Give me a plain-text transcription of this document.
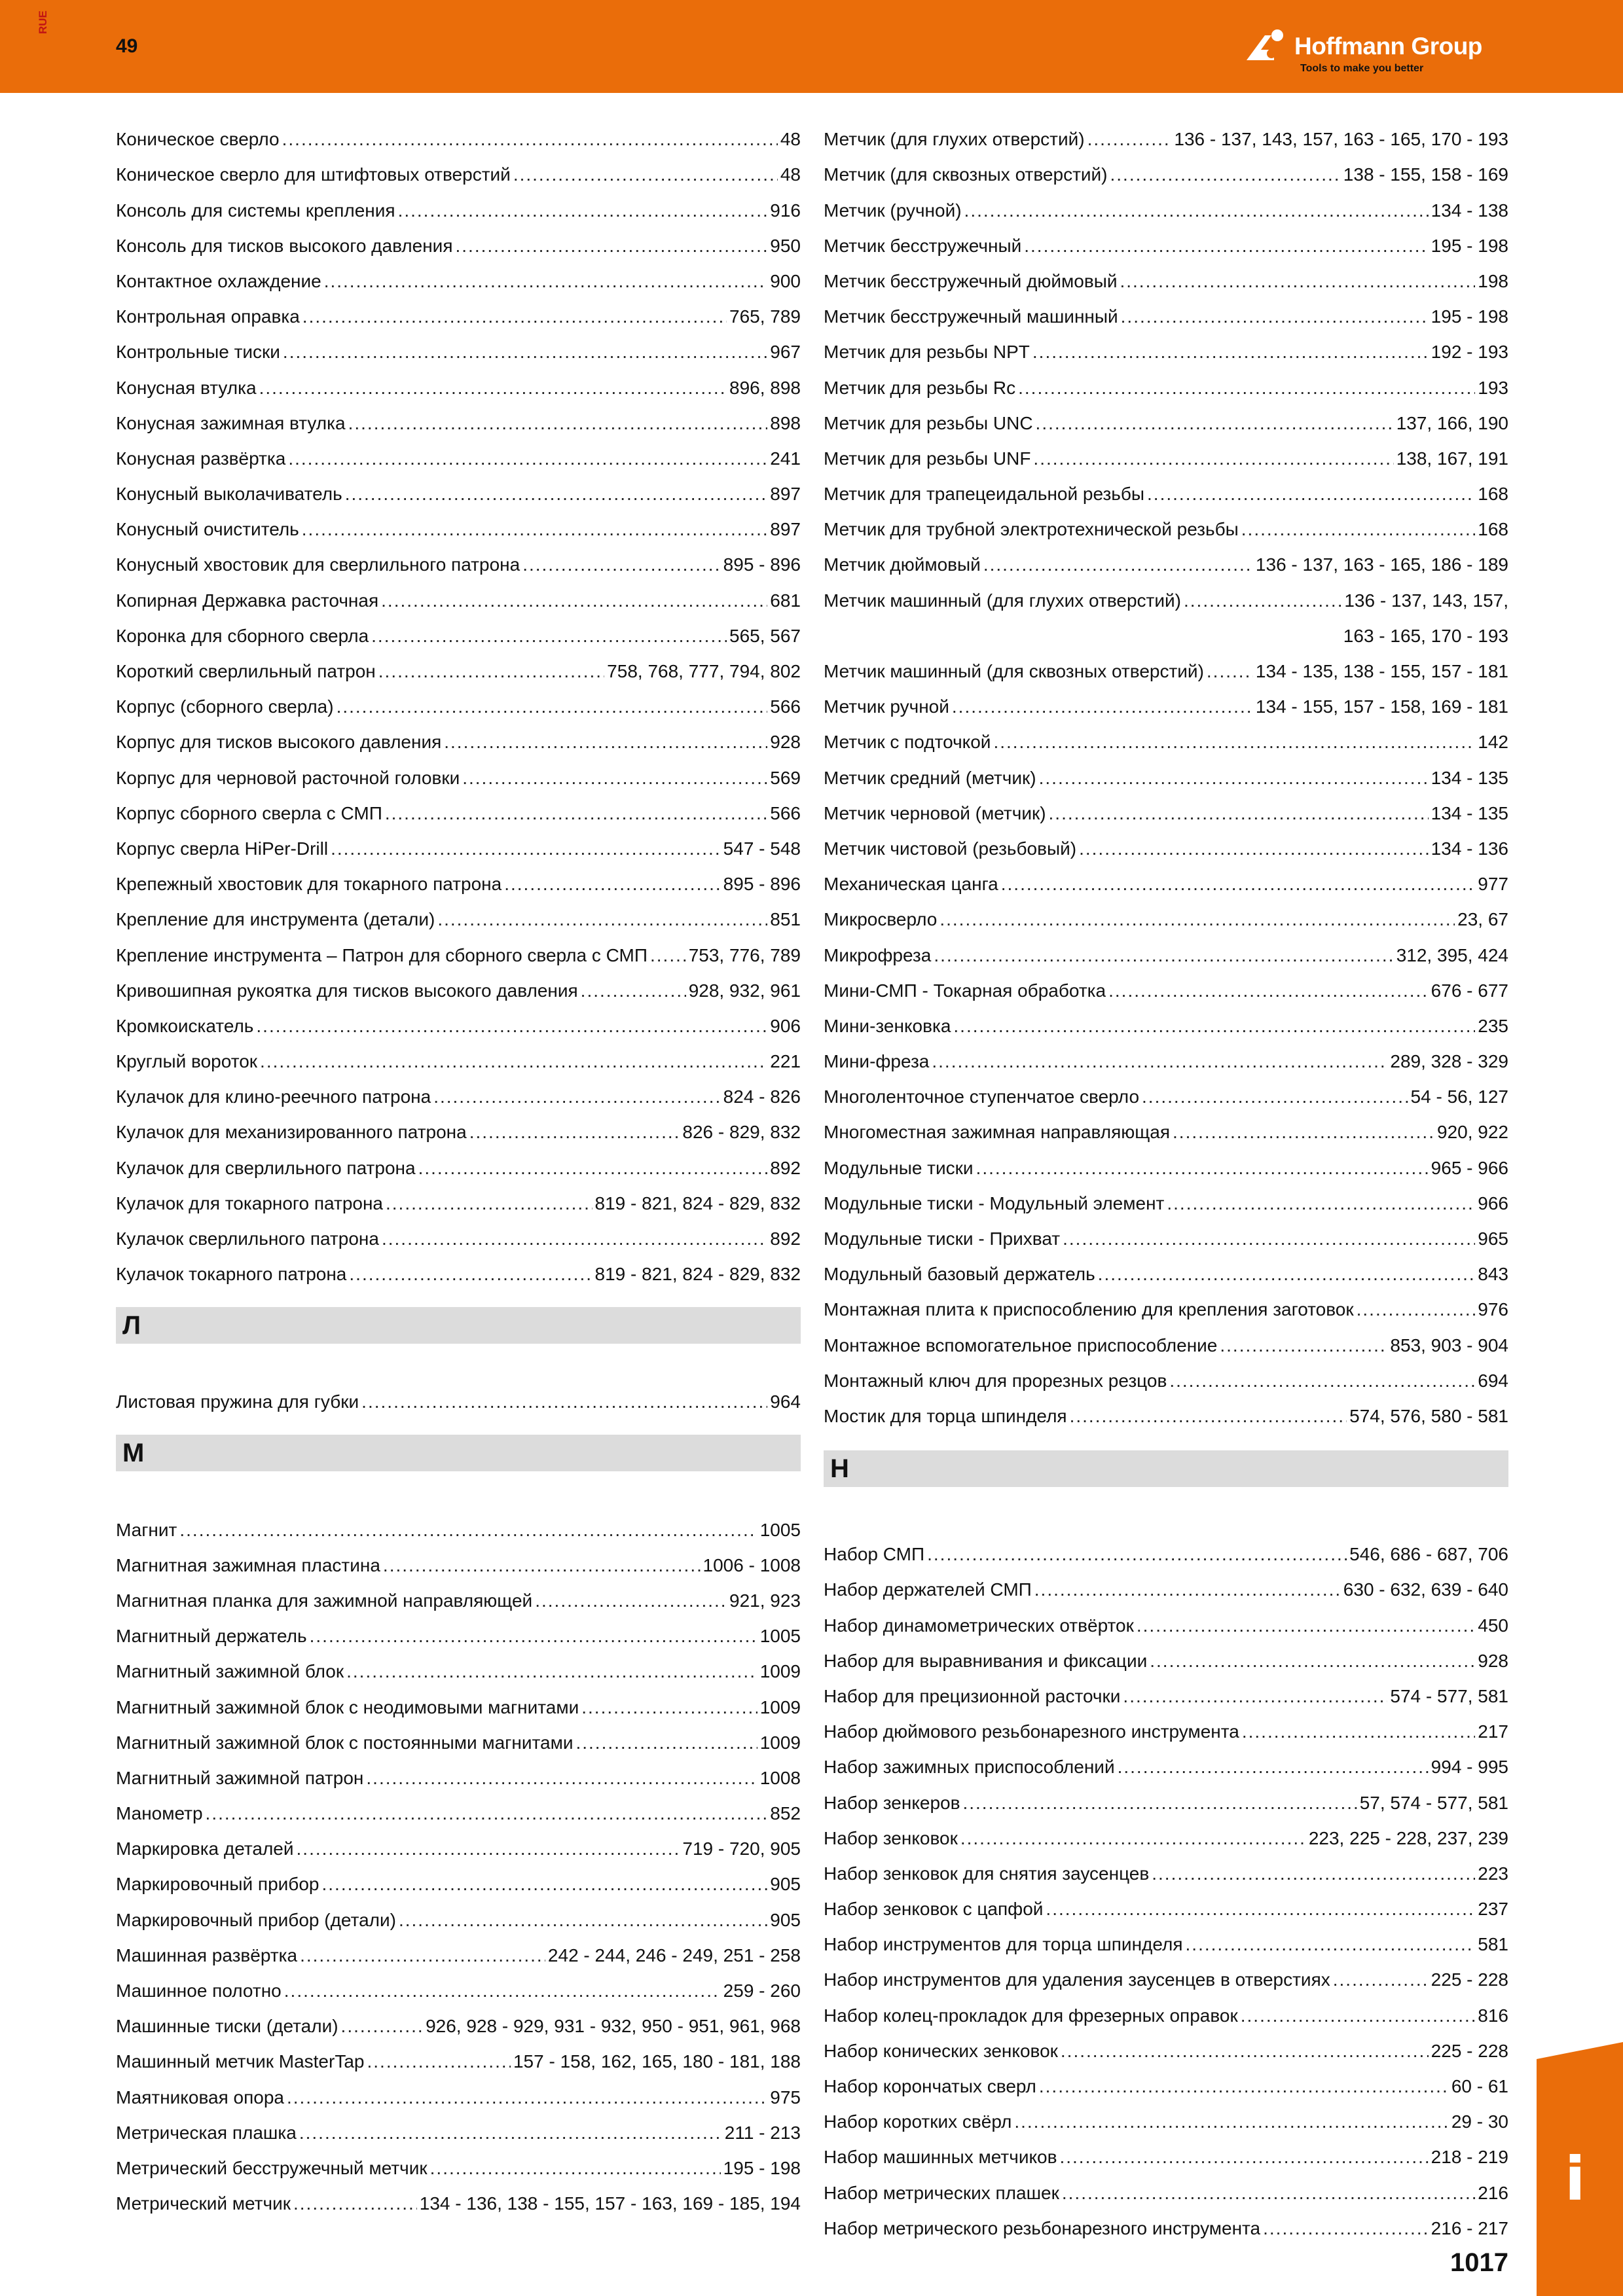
RUE
49	Hoffmann Group
Tools to make you better
Коническое сверло .....	48
Коническое сверло для штифтовых отверстий .....	48
Консоль для системы крепления .....	916
Консоль для тисков высокого давления .....	950
Контактное охлаждение .....	900
Контрольная оправка .....	765, 789
Контрольные тиски .....	967
Конусная втулка .....	896, 898
Конусная зажимная втулка .....	898
Конусная развёртка .....	241
Конусный выколачиватель .....	897
Конусный очиститель .....	897
Конусный хвостовик для сверлильного патрона .....	895 - 896
Копирная Державка расточная .....	681
Коронка для сборного сверла .....	565, 567
Короткий сверлильный патрон .....	758, 768, 777, 794, 802
Корпус (сборного сверла) .....	566
Корпус для тисков высокого давления .....	928
Корпус для черновой расточной головки .....	569
Корпус сборного сверла с СМП .....	566
Корпус сверла HiPer-Drill .....	547 - 548
Крепежный хвостовик для токарного патрона .....	895 - 896
Крепление для инструмента (детали) .....	851
Крепление инструмента – Патрон для сборного сверла с СМП ..... 753, 776, 789
Кривошипная рукоятка для тисков высокого давления .....	928, 932, 961
Кромкоискатель .....	906
Круглый вороток .....	221
Кулачок для клино-реечного патрона .....	824 - 826
Кулачок для механизированного патрона .....	826 - 829, 832
Кулачок для сверлильного патрона .....	892
Кулачок для токарного патрона .....	819 - 821, 824 - 829, 832
Кулачок сверлильного патрона .....	892
Кулачок токарного патрона .....	819 - 821, 824 - 829, 832
Л
Листовая пружина для губки .....	964
М
Магнит .....	1005
Магнитная зажимная пластина .....	1006 - 1008
Магнитная планка для зажимной направляющей .....	921, 923
Магнитный держатель .....	1005
Магнитный зажимной блок .....	1009
Магнитный зажимной блок с неодимовыми магнитами .....	1009
Магнитный зажимной блок с постоянными магнитами .....	1009
Магнитный зажимной патрон .....	1008
Манометр .....	852
Маркировка деталей .....	719 - 720, 905
Маркировочный прибор .....	905
Маркировочный прибор (детали) .....	905
Машинная развёртка .....	242 - 244, 246 - 249, 251 - 258
Машинное полотно .....	259 - 260
Машинные тиски (детали) .....	926, 928 - 929, 931 - 932, 950 - 951, 961, 968
Машинный метчик MasterTap .....	157 - 158, 162, 165, 180 - 181, 188
Маятниковая опора .....	975
Метрическая плашка .....	211 - 213
Метрический бесстружечный метчик .....	195 - 198
Метрический метчик .....	134 - 136, 138 - 155, 157 - 163, 169 - 185, 194
Метчик (для глухих отверстий) .....	136 - 137, 143, 157, 163 - 165, 170 - 193
Метчик (для сквозных отверстий) .....	138 - 155, 158 - 169
Метчик (ручной) .....	134 - 138
Метчик бесстружечный .....	195 - 198
Метчик бесстружечный дюймовый .....	198
Метчик бесстружечный машинный .....	195 - 198
Метчик для резьбы NPT .....	192 - 193
Метчик для резьбы Rc .....	193
Метчик для резьбы UNC .....	137, 166, 190
Метчик для резьбы UNF .....	138, 167, 191
Метчик для трапецеидальной резьбы .....	168
Метчик для трубной электротехнической резьбы .....	168
Метчик дюймовый .....	136 - 137, 163 - 165, 186 - 189
Метчик машинный (для глухих отверстий) .....	136 - 137, 143, 157,
163 - 165, 170 - 193
Метчик машинный (для сквозных отверстий) .....	134 - 135, 138 - 155, 157 - 181
Метчик ручной .....	134 - 155, 157 - 158, 169 - 181
Метчик с подточкой .....	142
Метчик средний (метчик) .....	134 - 135
Метчик черновой (метчик) .....	134 - 135
Метчик чистовой (резьбовый) .....	134 - 136
Механическая цанга .....	977
Микросверло .....	23, 67
Микрофреза .....	312, 395, 424
Мини-СМП - Токарная обработка .....	676 - 677
Мини-зенковка .....	235
Мини-фреза .....	289, 328 - 329
Многоленточное ступенчатое сверло .....	54 - 56, 127
Многоместная зажимная направляющая .....	920, 922
Модульные тиски .....	965 - 966
Модульные тиски - Модульный элемент .....	966
Модульные тиски - Прихват .....	965
Модульный базовый держатель .....	843
Монтажная плита к приспособлению для крепления заготовок .....	976
Монтажное вспомогательное приспособление .....	853, 903 - 904
Монтажный ключ для прорезных резцов .....	694
Мостик для торца шпинделя .....	574, 576, 580 - 581
Н
Набор СМП .....	546, 686 - 687, 706
Набор держателей СМП .....	630 - 632, 639 - 640
Набор динамометрических отвёрток .....	450
Набор для выравнивания и фиксации .....	928
Набор для прецизионной расточки .....	574 - 577, 581
Набор дюймового резьбонарезного инструмента .....	217
Набор зажимных приспособлений .....	994 - 995
Набор зенкеров .....	57, 574 - 577, 581
Набор зенковок .....	223, 225 - 228, 237, 239
Набор зенковок для снятия заусенцев .....	223
Набор зенковок с цапфой .....	237
Набор инструментов для торца шпинделя .....	581
Набор инструментов для удаления заусенцев в отверстиях .....	225 - 228
Набор колец-прокладок для фрезерных оправок .....	816
Набор конических зенковок .....	225 - 228
Набор корончатых сверл .....	60 - 61
Набор коротких свёрл .....	29 - 30
Набор машинных метчиков .....	218 - 219
Набор метрических плашек .....	216
Набор метрического резьбонарезного инструмента .....	216 - 217
1017
i
